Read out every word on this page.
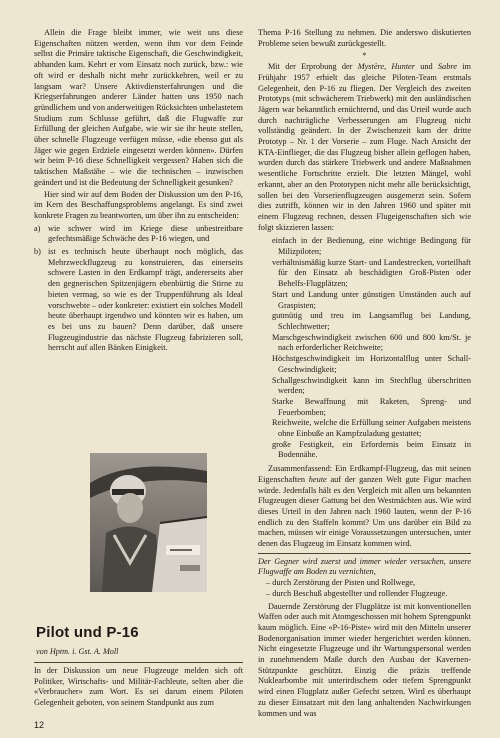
Allein die Frage bleibt immer, wie weit uns diese Eigenschaften nützen werden, wenn ihm vor dem Feinde selbst die Primäre taktische Eigenschaft, die Geschwindigkeit, abhanden kam. Kehrt er vom Einsatz noch zurück, bzw.: wie oft wird er deshalb nicht mehr zurückkehren, weil er zu langsam war? Unsere Aktivdiensterfahrungen und die Kriegserfahrungen anderer Länder hatten uns 1950 nach gründlichem und von anderweitigen Rücksichten unbelastetem Studium zum Schlusse geführt, daß die Flugwaffe zur Erfüllung der gleichen Aufgabe, wie wir sie ihr heute stellen, über schnelle Flugzeuge verfügen müsse, «die ebenso gut als Jäger wie gegen Erdziele eingesetzt werden können». Dürfen wir beim P-16 diese Schnelligkeit vergessen? Haben sich die taktischen Maßstäbe – wie die technischen – inzwischen geändert und ist die Bedeutung der Schnelligkeit gesunken?

Hier sind wir auf dem Boden der Diskussion um den P-16, im Kern des Beschaffungsproblems angelangt. Es sind zwei konkrete Fragen zu beantworten, um über ihn zu entscheiden:

a) wie schwer wird im Kriege diese unbestreitbare gefechtsmäßige Schwäche des P-16 wiegen, und
b) ist es technisch heute überhaupt noch möglich, das Mehrzweckflugzeug zu konstruieren, das einerseits schwere Lasten in den Erdkampf trägt, andererseits aber den gegnerischen Spitzenjägern ebenbürtig die Stirne zu bieten vermag, so wie es der Truppenführung als Ideal vorschwebte – oder konkreter: existiert ein solches Modell heute überhaupt irgendwo und könnten wir es haben, um es bei uns zu bauen? Denn darüber, daß unsere Flugzeugindustrie das nächste Flugzeug fabrizieren soll, herrscht auf allen Bänken Einigkeit.
Pilot und P-16
von Hptm. i. Gst. A. Moll

In der Diskussion um neue Flugzeuge melden sich oft Politiker, Wirtschafts- und Militär-Fachleute, selten aber die «Verbraucher» zum Wort. Es sei darum einem Piloten Gelegenheit geboten, von seinem Standpunkt aus zum

Thema P-16 Stellung zu nehmen. Die anderswo diskutierten Probleme seien bewußt zurückgestellt.

*

Mit der Erprobung der Mystère, Hunter und Sabre im Frühjahr 1957 erhielt das gleiche Piloten-Team erstmals Gelegenheit, den P-16 zu fliegen. Der Vergleich des zweiten Prototyps (mit schwächerem Triebwerk) mit den ausländischen Jägern war bekanntlich ernüchternd, und das Urteil wurde auch durch nachträgliche Verbesserungen am Flugzeug nicht vollständig geändert. In der Zwischenzeit kam der dritte Prototyp – Nr. 1 der Vorserie – zum Fluge. Nach Ansicht der KTA-Einflieger, die das Flugzeug bisher allein geflogen haben, wurden durch das stärkere Triebwerk und andere Maßnahmen wesentliche Fortschritte erzielt. Die letzten Mängel, wohl erkannt, aber an den Prototypen nicht mehr alle berücksichtigt, sollen bei den Vorserienflugzeugen ausgemerzt sein. Sofern dies zutrifft, können wir in den Jahren 1960 und später mit einem Flugzeug rechnen, dessen Flugeigenschaften sich wie folgt skizzieren lassen:

einfach in der Bedienung, eine wichtige Bedingung für Milizpiloten;
verhältnismäßig kurze Start- und Landestrecken, vorteilhaft für den Einsatz ab beschädigten Groß-Pisten oder Behelfs-Flugplätzen;
Start und Landung unter günstigen Umständen auch auf Graspisten;
gutmütig und treu im Langsamflug bei Landung, Schlechtwetter;
Marschgeschwindigkeit zwischen 600 und 800 km/St. je nach erforderlicher Reichweite;
Höchstgeschwindigkeit im Horizontalflug unter Schall-Geschwindigkeit;
Schallgeschwindigkeit kann im Stechflug überschritten werden;
Starke Bewaffnung mit Raketen, Spreng- und Feuerbomben;
Reichweite, welche die Erfüllung seiner Aufgaben meistens ohne Einbuße an Kampfzuladung gestattet;
große Festigkeit, ein Erfordernis beim Einsatz in Bodennähe.

Zusammenfassend: Ein Erdkampf-Flugzeug, das mit seinen Eigenschaften heute auf der ganzen Welt gute Figur machen würde. Jedenfalls hält es den Vergleich mit allen uns bekannten Flugzeugen dieser Gattung bei den Westmächten aus. Wie wird dieses Urteil in den Jahren nach 1960 lauten, wenn der P-16 endlich zu den Staffeln kommt? Um uns darüber ein Bild zu machen, müssen wir einige Voraussetzungen untersuchen, unter denen das Flugzeug im Einsatz kommen wird.

Der Gegner wird zuerst und immer wieder versuchen, unsere Flugwaffe am Boden zu vernichten,

– durch Zerstörung der Pisten und Rollwege,
– durch Beschuß abgestellter und rollender Flugzeuge.

Dauernde Zerstörung der Flugplätze ist mit konventionellen Waffen oder auch mit Atomgeschossen mit hohem Sprengpunkt kaum möglich. Eine «P-16-Piste» wird mit den Mitteln unserer Bodenorganisation immer wieder hergerichtet werden können. Nicht eingesetzte Flugzeuge und ihr Wartungspersonal werden in zunehmendem Maße durch den Ausbau der Kavernen-Stützpunkte geschützt. Einzig die präzis treffende Nuklearbombe mit unterirdischem oder tiefem Sprengpunkt wird einen Flugplatz außer Gefecht setzen. Wird es überhaupt zu dieser Einsatzart mit den lang anhaltenden Nachwirkungen kommen und was

12
